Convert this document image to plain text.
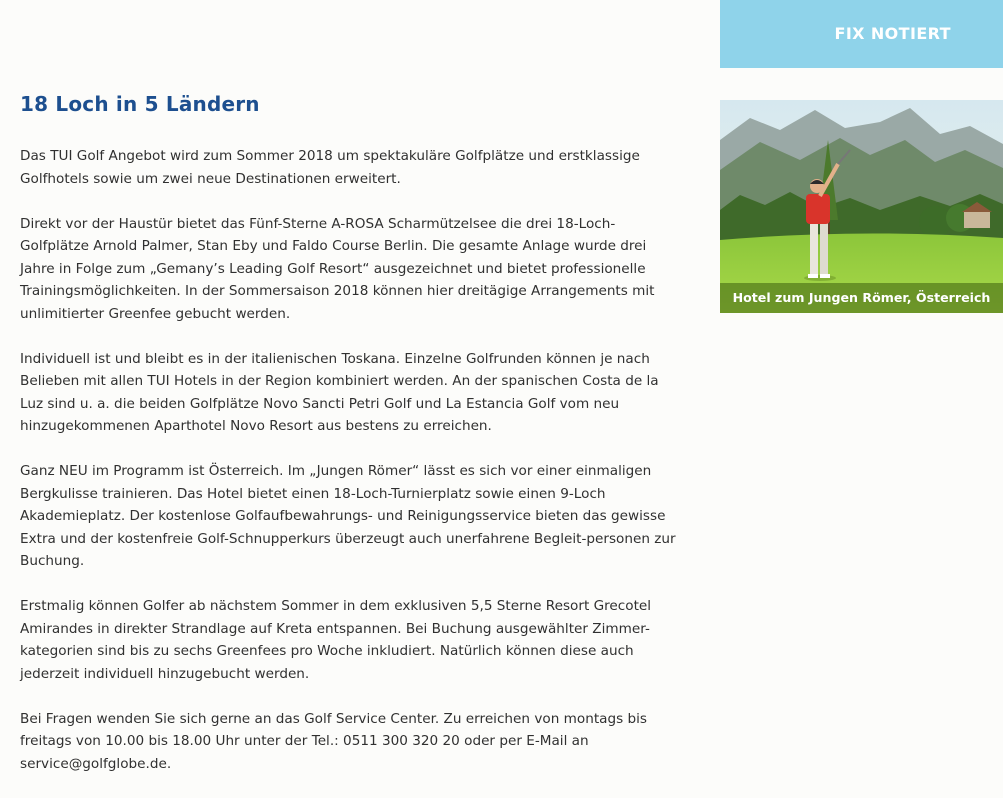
FIX NOTIERT
18 Loch in 5 Ländern

Das TUI Golf Angebot wird zum Sommer 2018 um spektakuläre Golfplätze und erstklassige Golfhotels sowie um zwei neue Destinationen erweitert.

Direkt vor der Haustür bietet das Fünf-Sterne A-ROSA Scharmützelsee die drei 18-Loch-Golfplätze Arnold Palmer, Stan Eby und Faldo Course Berlin. Die gesamte Anlage wurde drei Jahre in Folge zum „Gemany’s Leading Golf Resort“ ausgezeichnet und bietet professionelle Trainingsmöglichkeiten. In der Sommersaison 2018 können hier dreitägige Arrangements mit unlimitierter Greenfee gebucht werden.

Individuell ist und bleibt es in der italienischen Toskana. Einzelne Golfrunden können je nach Belieben mit allen TUI Hotels in der Region kombiniert werden. An der spanischen Costa de la Luz sind u. a. die beiden Golfplätze Novo Sancti Petri Golf und La Estancia Golf vom neu hinzugekommenen Aparthotel Novo Resort aus bestens zu erreichen.

Ganz NEU im Programm ist Österreich. Im „Jungen Römer“ lässt es sich vor einer einmaligen Bergkulisse trainieren. Das Hotel bietet einen 18-Loch-Turnierplatz sowie einen 9-Loch Akademieplatz. Der kostenlose Golfaufbewahrungs- und Reinigungsservice bieten das gewisse Extra und der kostenfreie Golf-Schnupperkurs überzeugt auch unerfahrene Begleit-personen zur Buchung.

Erstmalig können Golfer ab nächstem Sommer in dem exklusiven 5,5 Sterne Resort Grecotel Amirandes in direkter Strandlage auf Kreta entspannen. Bei Buchung ausgewählter Zimmer-kategorien sind bis zu sechs Greenfees pro Woche inkludiert. Natürlich können diese auch jederzeit individuell hinzugebucht werden.

Bei Fragen wenden Sie sich gerne an das Golf Service Center. Zu erreichen von montags bis freitags von 10.00 bis 18.00 Uhr unter der Tel.: 0511 300 320 20 oder per E-Mail an service@golfglobe.de.

Hotel zum Jungen Römer, Österreich
